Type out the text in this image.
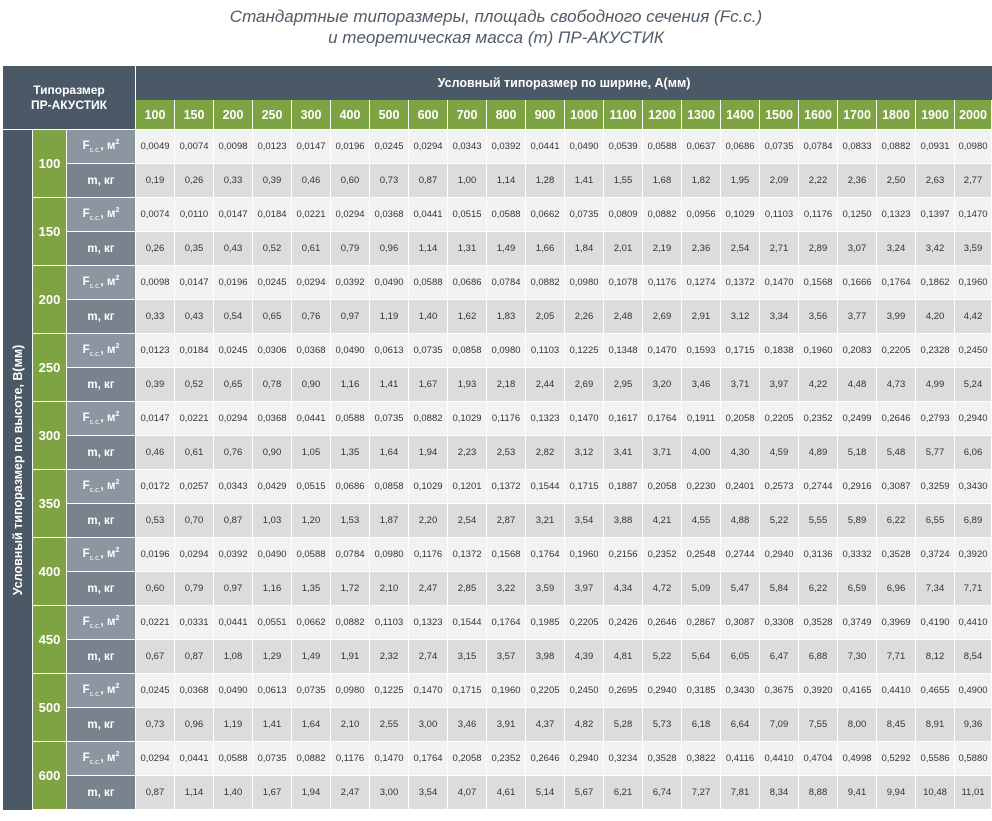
Стандартные типоразмеры, площадь свободного сечения (Fc.c.)
и теоретическая масса (m) ПР-АКУСТИК
Типоразмер
ПР-АКУСТИК			Условный типоразмер по ширине, А(мм)																					
			100	150	200	250	300	400	500	600	700	800	900	1000	1100	1200	1300	1400	1500	1600	1700	1800	1900	2000

Условный типоразмер по высоте, В(мм)	100	$F_{с.с.}$, $м^2$	0,0049	0,0074	0,0098	0,0123	0,0147	0,0196	0,0245	0,0294	0,0343	0,0392	0,0441	0,0490	0,0539	0,0588	0,0637	0,0686	0,0735	0,0784	0,0833	0,0882	0,0931	0,0980
		m, кг	0,19	0,26	0,33	0,39	0,46	0,60	0,73	0,87	1,00	1,14	1,28	1,41	1,55	1,68	1,82	1,95	2,09	2,22	2,36	2,50	2,63	2,77
	150	$F_{с.с.}$, $м^2$	0,0074	0,0110	0,0147	0,0184	0,0221	0,0294	0,0368	0,0441	0,0515	0,0588	0,0662	0,0735	0,0809	0,0882	0,0956	0,1029	0,1103	0,1176	0,1250	0,1323	0,1397	0,1470
		m, кг	0,26	0,35	0,43	0,52	0,61	0,79	0,96	1,14	1,31	1,49	1,66	1,84	2,01	2,19	2,36	2,54	2,71	2,89	3,07	3,24	3,42	3,59
	200	$F_{с.с.}$, $м^2$	0,0098	0,0147	0,0196	0,0245	0,0294	0,0392	0,0490	0,0588	0,0686	0,0784	0,0882	0,0980	0,1078	0,1176	0,1274	0,1372	0,1470	0,1568	0,1666	0,1764	0,1862	0,1960
		m, кг	0,33	0,43	0,54	0,65	0,76	0,97	1,19	1,40	1,62	1,83	2,05	2,26	2,48	2,69	2,91	3,12	3,34	3,56	3,77	3,99	4,20	4,42
	250	$F_{с.с.}$, $м^2$	0,0123	0,0184	0,0245	0,0306	0,0368	0,0490	0,0613	0,0735	0,0858	0,0980	0,1103	0,1225	0,1348	0,1470	0,1593	0,1715	0,1838	0,1960	0,2083	0,2205	0,2328	0,2450
		m, кг	0,39	0,52	0,65	0,78	0,90	1,16	1,41	1,67	1,93	2,18	2,44	2,69	2,95	3,20	3,46	3,71	3,97	4,22	4,48	4,73	4,99	5,24
	300	$F_{с.с.}$, $м^2$	0,0147	0,0221	0,0294	0,0368	0,0441	0,0588	0,0735	0,0882	0,1029	0,1176	0,1323	0,1470	0,1617	0,1764	0,1911	0,2058	0,2205	0,2352	0,2499	0,2646	0,2793	0,2940
		m, кг	0,46	0,61	0,76	0,90	1,05	1,35	1,64	1,94	2,23	2,53	2,82	3,12	3,41	3,71	4,00	4,30	4,59	4,89	5,18	5,48	5,77	6,06
	350	$F_{с.с.}$, $м^2$	0,0172	0,0257	0,0343	0,0429	0,0515	0,0686	0,0858	0,1029	0,1201	0,1372	0,1544	0,1715	0,1887	0,2058	0,2230	0,2401	0,2573	0,2744	0,2916	0,3087	0,3259	0,3430
		m, кг	0,53	0,70	0,87	1,03	1,20	1,53	1,87	2,20	2,54	2,87	3,21	3,54	3,88	4,21	4,55	4,88	5,22	5,55	5,89	6,22	6,55	6,89
	400	$F_{с.с.}$, $м^2$	0,0196	0,0294	0,0392	0,0490	0,0588	0,0784	0,0980	0,1176	0,1372	0,1568	0,1764	0,1960	0,2156	0,2352	0,2548	0,2744	0,2940	0,3136	0,3332	0,3528	0,3724	0,3920
		m, кг	0,60	0,79	0,97	1,16	1,35	1,72	2,10	2,47	2,85	3,22	3,59	3,97	4,34	4,72	5,09	5,47	5,84	6,22	6,59	6,96	7,34	7,71
	450	$F_{с.с.}$, $м^2$	0,0221	0,0331	0,0441	0,0551	0,0662	0,0882	0,1103	0,1323	0,1544	0,1764	0,1985	0,2205	0,2426	0,2646	0,2867	0,3087	0,3308	0,3528	0,3749	0,3969	0,4190	0,4410
		m, кг	0,67	0,87	1,08	1,29	1,49	1,91	2,32	2,74	3,15	3,57	3,98	4,39	4,81	5,22	5,64	6,05	6,47	6,88	7,30	7,71	8,12	8,54
	500	$F_{с.с.}$, $м^2$	0,0245	0,0368	0,0490	0,0613	0,0735	0,0980	0,1225	0,1470	0,1715	0,1960	0,2205	0,2450	0,2695	0,2940	0,3185	0,3430	0,3675	0,3920	0,4165	0,4410	0,4655	0,4900
		m, кг	0,73	0,96	1,19	1,41	1,64	2,10	2,55	3,00	3,46	3,91	4,37	4,82	5,28	5,73	6,18	6,64	7,09	7,55	8,00	8,45	8,91	9,36
	600	$F_{с.с.}$, $м^2$	0,0294	0,0441	0,0588	0,0735	0,0882	0,1176	0,1470	0,1764	0,2058	0,2352	0,2646	0,2940	0,3234	0,3528	0,3822	0,4116	0,4410	0,4704	0,4998	0,5292	0,5586	0,5880
		m, кг	0,87	1,14	1,40	1,67	1,94	2,47	3,00	3,54	4,07	4,61	5,14	5,67	6,21	6,74	7,27	7,81	8,34	8,88	9,41	9,94	10,48	11,01
